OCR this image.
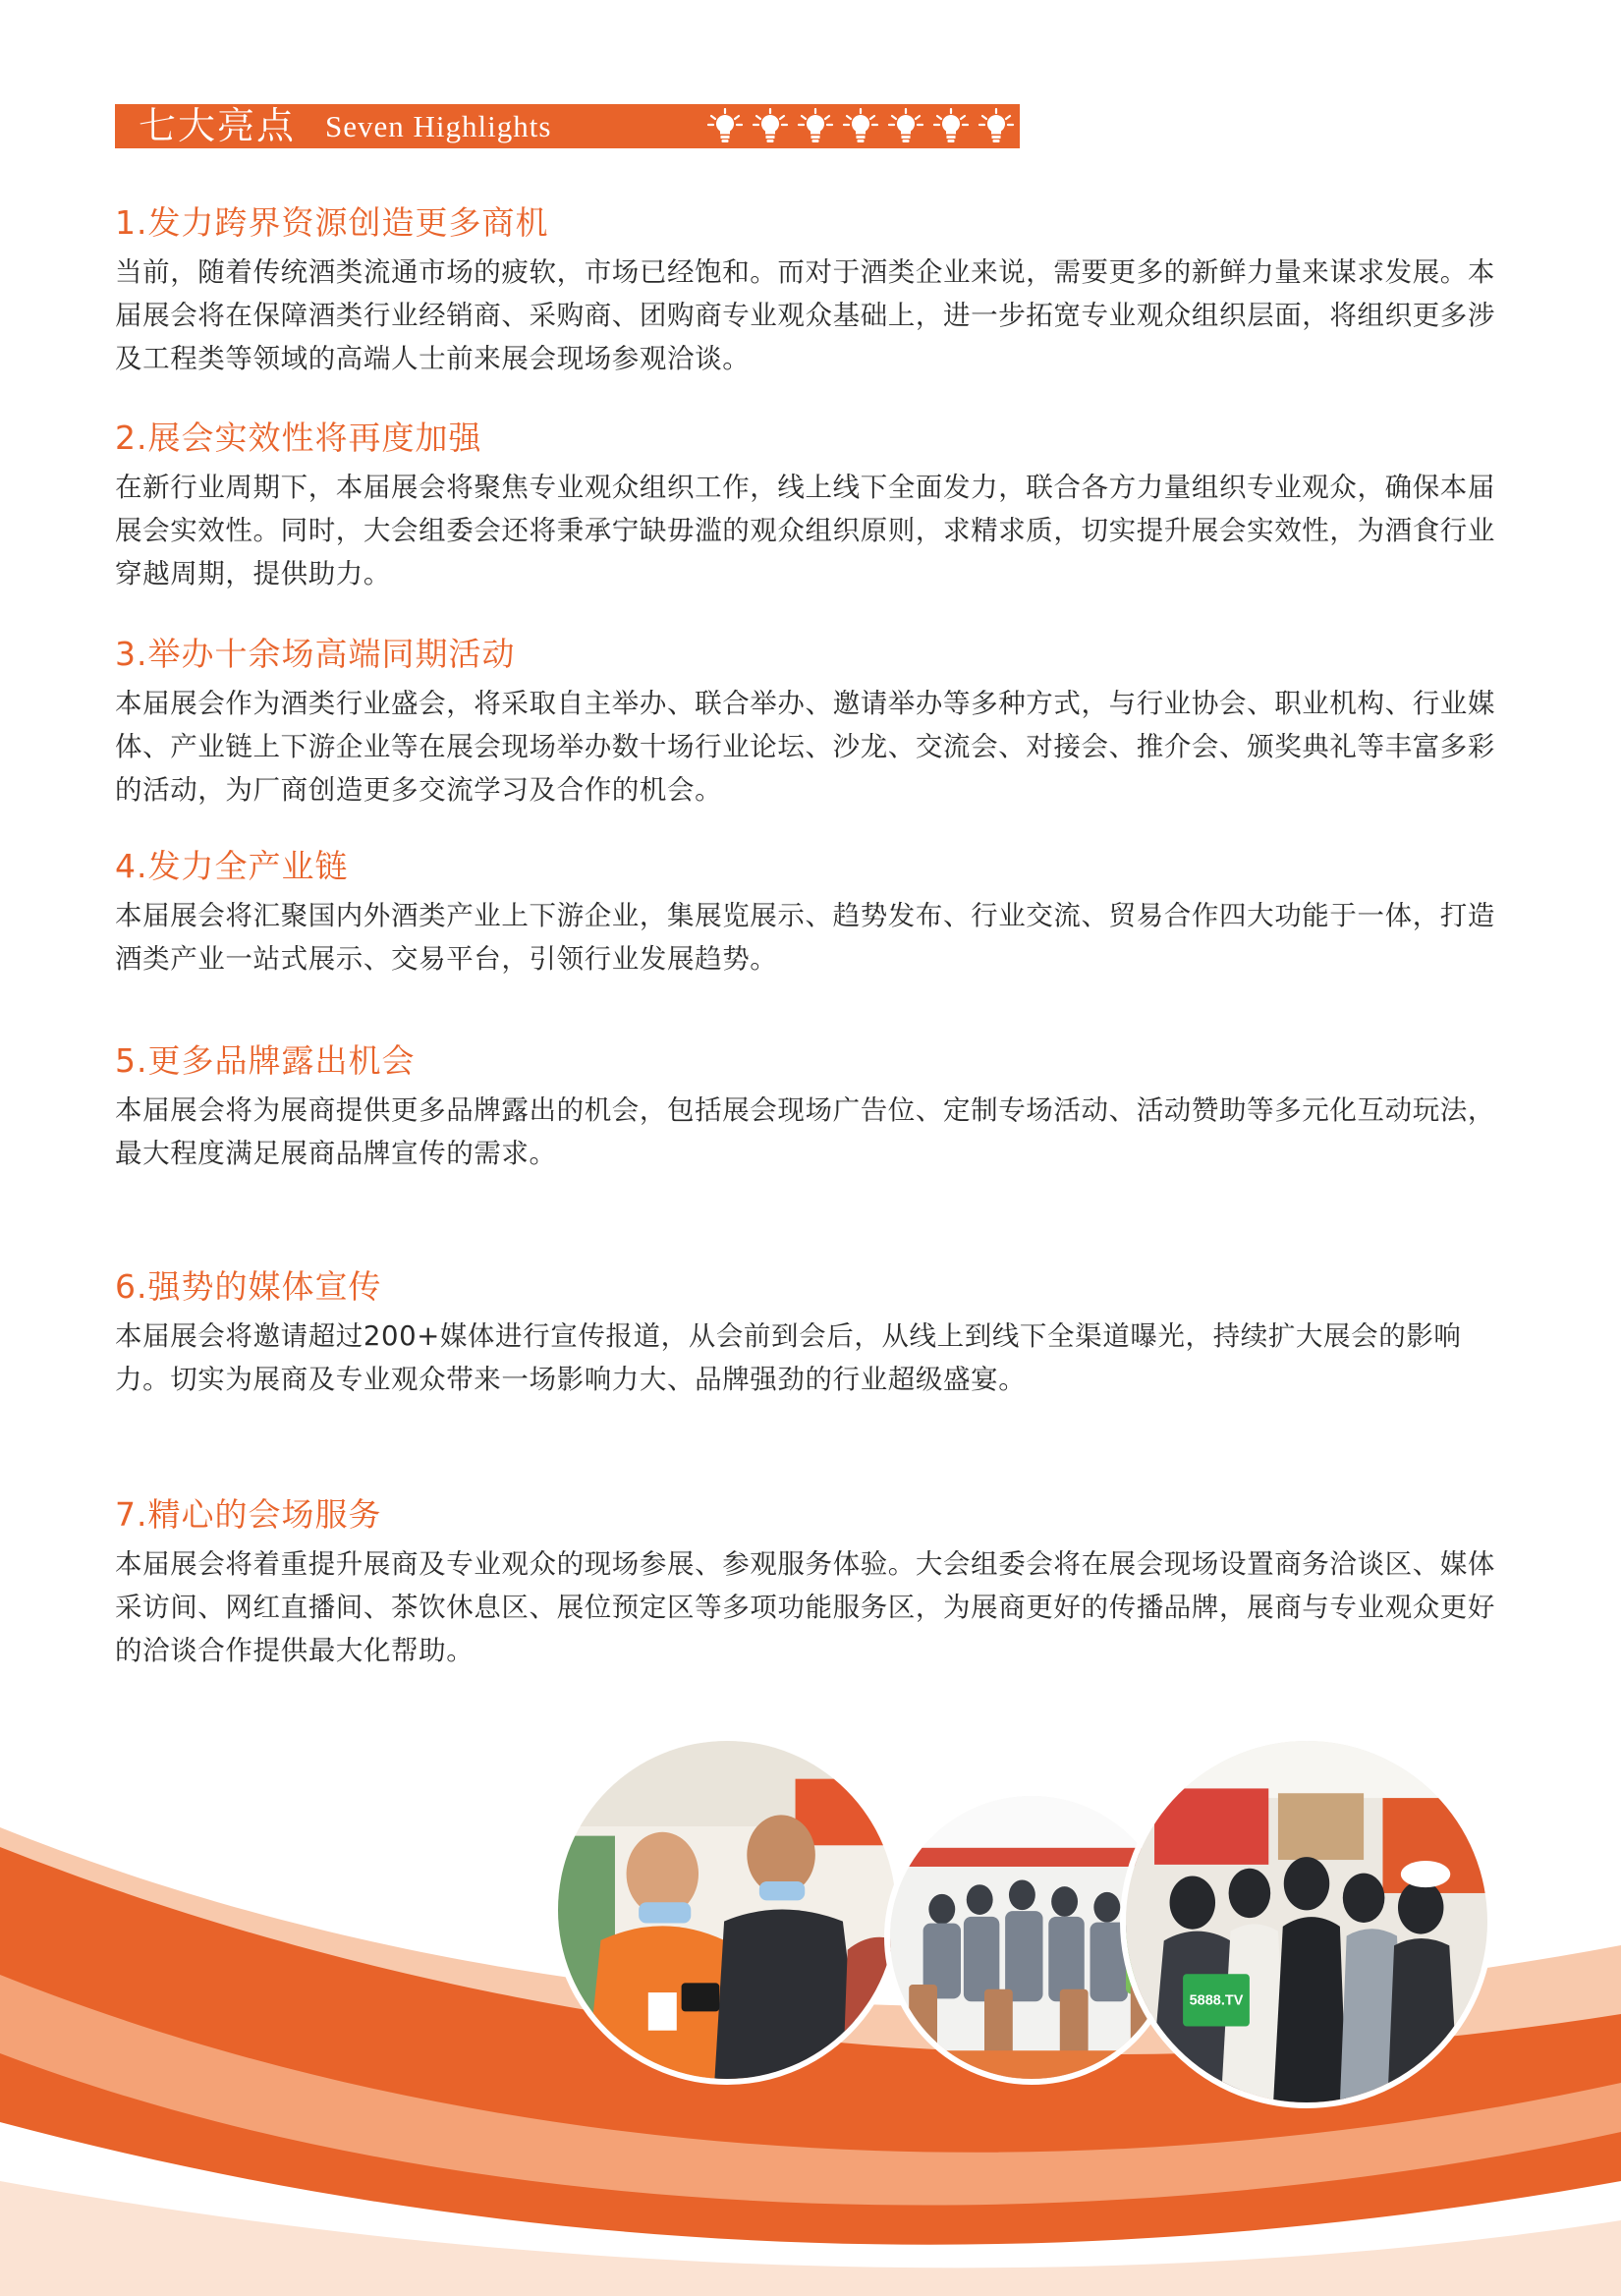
七大亮点 Seven Highlights
1.发力跨界资源创造更多商机

当前，随着传统酒类流通市场的疲软，市场已经饱和。而对于酒类企业来说，需要更多的新鲜力量来谋求发展。本届展会将在保障酒类行业经销商、采购商、团购商专业观众基础上，进一步拓宽专业观众组织层面，将组织更多涉及工程类等领域的高端人士前来展会现场参观洽谈。

2.展会实效性将再度加强

在新行业周期下，本届展会将聚焦专业观众组织工作，线上线下全面发力，联合各方力量组织专业观众，确保本届展会实效性。同时，大会组委会还将秉承宁缺毋滥的观众组织原则，求精求质，切实提升展会实效性，为酒食行业穿越周期，提供助力。

3.举办十余场高端同期活动

本届展会作为酒类行业盛会，将采取自主举办、联合举办、邀请举办等多种方式，与行业协会、职业机构、行业媒体、产业链上下游企业等在展会现场举办数十场行业论坛、沙龙、交流会、对接会、推介会、颁奖典礼等丰富多彩的活动，为厂商创造更多交流学习及合作的机会。

4.发力全产业链

本届展会将汇聚国内外酒类产业上下游企业，集展览展示、趋势发布、行业交流、贸易合作四大功能于一体，打造酒类产业一站式展示、交易平台，引领行业发展趋势。

5.更多品牌露出机会

本届展会将为展商提供更多品牌露出的机会，包括展会现场广告位、定制专场活动、活动赞助等多元化互动玩法，最大程度满足展商品牌宣传的需求。

6.强势的媒体宣传

本届展会将邀请超过200+媒体进行宣传报道，从会前到会后，从线上到线下全渠道曝光，持续扩大展会的影响力。切实为展商及专业观众带来一场影响力大、品牌强劲的行业超级盛宴。

7.精心的会场服务

本届展会将着重提升展商及专业观众的现场参展、参观服务体验。大会组委会将在展会现场设置商务洽谈区、媒体采访间、网红直播间、茶饮休息区、展位预定区等多项功能服务区，为展商更好的传播品牌，展商与专业观众更好的洽谈合作提供最大化帮助。

5888.TV
